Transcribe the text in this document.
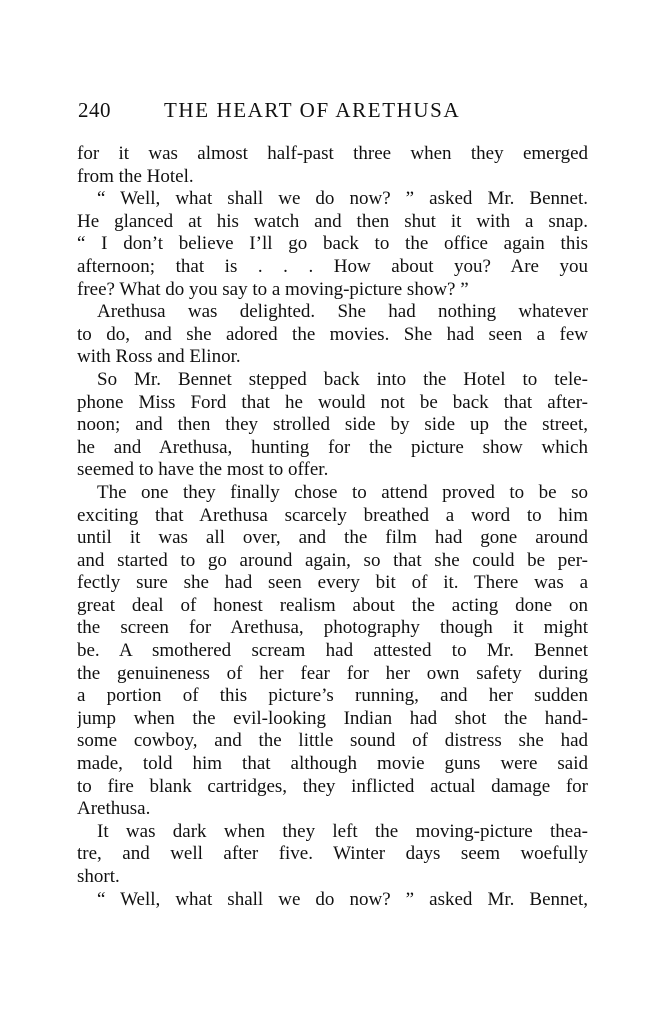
240	THE HEART OF ARETHUSA
for it was almost half-past three when they emerged
from the Hotel.
“ Well, what shall we do now? ” asked Mr. Bennet.
He glanced at his watch and then shut it with a snap.
“ I don’t believe I’ll go back to the office again this
afternoon; that is . . . How about you? Are you
free? What do you say to a moving-picture show? ”
Arethusa was delighted. She had nothing whatever
to do, and she adored the movies. She had seen a few
with Ross and Elinor.
So Mr. Bennet stepped back into the Hotel to tele-
phone Miss Ford that he would not be back that after-
noon; and then they strolled side by side up the street,
he and Arethusa, hunting for the picture show which
seemed to have the most to offer.
The one they finally chose to attend proved to be so
exciting that Arethusa scarcely breathed a word to him
until it was all over, and the film had gone around
and started to go around again, so that she could be per-
fectly sure she had seen every bit of it. There was a
great deal of honest realism about the acting done on
the screen for Arethusa, photography though it might
be. A smothered scream had attested to Mr. Bennet
the genuineness of her fear for her own safety during
a portion of this picture’s running, and her sudden
jump when the evil-looking Indian had shot the hand-
some cowboy, and the little sound of distress she had
made, told him that although movie guns were said
to fire blank cartridges, they inflicted actual damage for
Arethusa.
It was dark when they left the moving-picture thea-
tre, and well after five. Winter days seem woefully
short.
“ Well, what shall we do now? ” asked Mr. Bennet,
